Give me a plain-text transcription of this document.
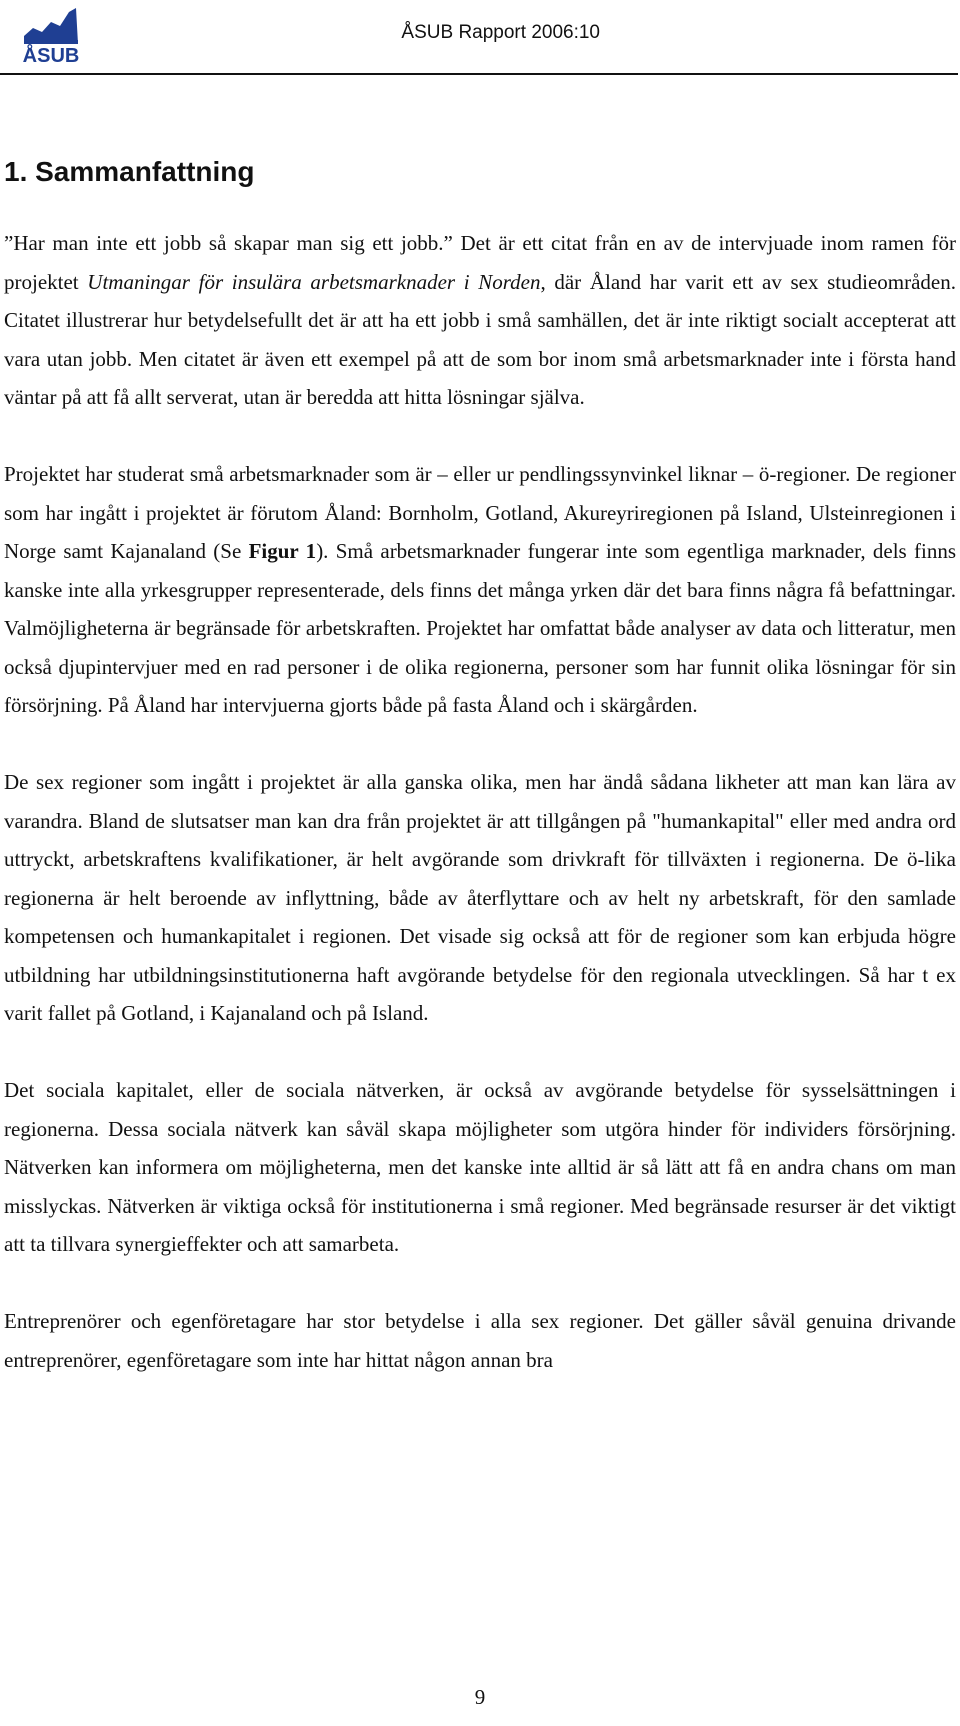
ÅSUB
ÅSUB Rapport 2006:10
1. Sammanfattning

”Har man inte ett jobb så skapar man sig ett jobb.” Det är ett citat från en av de intervjuade inom ramen för projektet Utmaningar för insulära arbetsmarknader i Norden, där Åland har varit ett av sex studieområden. Citatet illustrerar hur betydelsefullt det är att ha ett jobb i små samhällen, det är inte riktigt socialt accepterat att vara utan jobb. Men citatet är även ett exempel på att de som bor inom små arbetsmarknader inte i första hand väntar på att få allt serverat, utan är beredda att hitta lösningar själva.

Projektet har studerat små arbetsmarknader som är – eller ur pendlingssynvinkel liknar – ö-regioner. De regioner som har ingått i projektet är förutom Åland: Bornholm, Gotland, Akureyriregionen på Island, Ulsteinregionen i Norge samt Kajanaland (Se Figur 1). Små arbetsmarknader fungerar inte som egentliga marknader, dels finns kanske inte alla yrkesgrupper representerade, dels finns det många yrken där det bara finns några få befattningar. Valmöjligheterna är begränsade för arbetskraften. Projektet har omfattat både analyser av data och litteratur, men också djupintervjuer med en rad personer i de olika regionerna, personer som har funnit olika lösningar för sin försörjning. På Åland har intervjuerna gjorts både på fasta Åland och i skärgården.

De sex regioner som ingått i projektet är alla ganska olika, men har ändå sådana likheter att man kan lära av varandra. Bland de slutsatser man kan dra från projektet är att tillgången på "humankapital" eller med andra ord uttryckt, arbetskraftens kvalifikationer, är helt avgörande som drivkraft för tillväxten i regionerna. De ö-lika regionerna är helt beroende av inflyttning, både av återflyttare och av helt ny arbetskraft, för den samlade kompetensen och humankapitalet i regionen. Det visade sig också att för de regioner som kan erbjuda högre utbildning har utbildningsinstitutionerna haft avgörande betydelse för den regionala utvecklingen. Så har t ex varit fallet på Gotland, i Kajanaland och på Island.

Det sociala kapitalet, eller de sociala nätverken, är också av avgörande betydelse för sysselsättningen i regionerna. Dessa sociala nätverk kan såväl skapa möjligheter som utgöra hinder för individers försörjning. Nätverken kan informera om möjligheterna, men det kanske inte alltid är så lätt att få en andra chans om man misslyckas. Nätverken är viktiga också för institutionerna i små regioner. Med begränsade resurser är det viktigt att ta tillvara synergieffekter och att samarbeta.

Entreprenörer och egenföretagare har stor betydelse i alla sex regioner. Det gäller såväl genuina drivande entreprenörer, egenföretagare som inte har hittat någon annan bra

9
